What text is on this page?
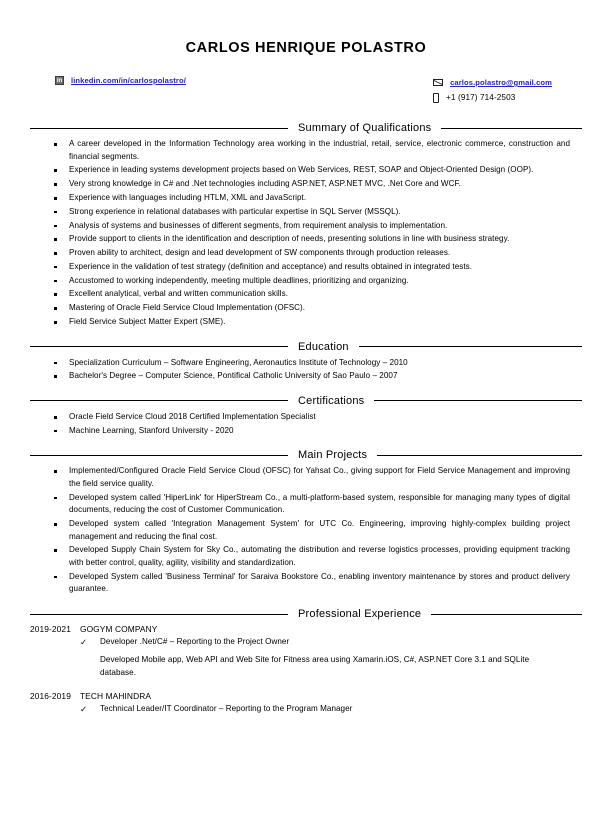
CARLOS HENRIQUE POLASTRO
in linkedin.com/in/carlospolastro/	carlos.polastro@gmail.com
+1 (917) 714-2503
Summary of Qualifications
A career developed in the Information Technology area working in the industrial, retail, service, electronic commerce, construction and financial segments.
Experience in leading systems development projects based on Web Services, REST, SOAP and Object-Oriented Design (OOP).
Very strong knowledge in C# and .Net technologies including ASP.NET, ASP.NET MVC, .Net Core and WCF.
Experience with languages including HTLM, XML and JavaScript.
Strong experience in relational databases with particular expertise in SQL Server (MSSQL).
Analysis of systems and businesses of different segments, from requirement analysis to implementation.
Provide support to clients in the identification and description of needs, presenting solutions in line with business strategy.
Proven ability to architect, design and lead development of SW components through production releases.
Experience in the validation of test strategy (definition and acceptance) and results obtained in integrated tests.
Accustomed to working independently, meeting multiple deadlines, prioritizing and organizing.
Excellent analytical, verbal and written communication skills.
Mastering of Oracle Field Service Cloud Implementation (OFSC).
Field Service Subject Matter Expert (SME).
Education
Specialization Curriculum – Software Engineering, Aeronautics Institute of Technology – 2010
Bachelor's Degree – Computer Science, Pontifical Catholic University of Sao Paulo – 2007
Certifications
Oracle Field Service Cloud 2018 Certified Implementation Specialist
Machine Learning, Stanford University - 2020
Main Projects
Implemented/Configured Oracle Field Service Cloud (OFSC) for Yahsat Co., giving support for Field Service Management and improving the field service quality.
Developed system called 'HiperLink' for HiperStream Co., a multi-platform-based system, responsible for managing many types of digital documents, reducing the cost of Customer Communication.
Developed system called 'Integration Management System' for UTC Co. Engineering, improving highly-complex building project management and reducing the final cost.
Developed Supply Chain System for Sky Co., automating the distribution and reverse logistics processes, providing equipment tracking with better control, quality, agility, visibility and standardization.
Developed System called 'Business Terminal' for Saraiva Bookstore Co., enabling inventory maintenance by stores and product delivery guarantee.
Professional Experience
2019-2021 GOGYM COMPANY
✓ Developer .Net/C# – Reporting to the Project Owner
Developed Mobile app, Web API and Web Site for Fitness area using Xamarin.iOS, C#, ASP.NET Core 3.1 and SQLite database.
2016-2019 TECH MAHINDRA
✓ Technical Leader/IT Coordinator – Reporting to the Program Manager
